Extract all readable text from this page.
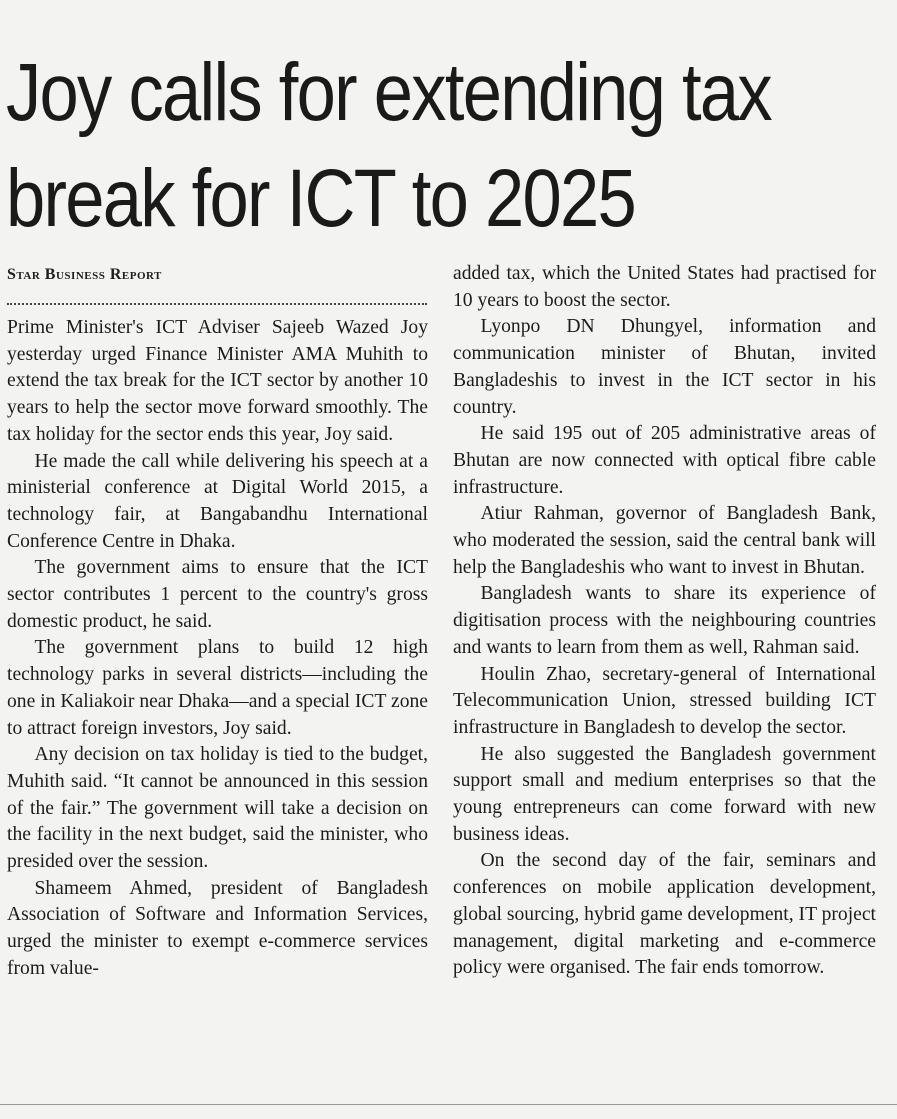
Joy calls for extending tax
break for ICT to 2025
Star Business Report

Prime Minister's ICT Adviser Sajeeb Wazed Joy yesterday urged Finance Minister AMA Muhith to extend the tax break for the ICT sector by another 10 years to help the sector move forward smoothly. The tax holiday for the sector ends this year, Joy said.

He made the call while delivering his speech at a ministerial conference at Digital World 2015, a technology fair, at Bangabandhu International Conference Centre in Dhaka.

The government aims to ensure that the ICT sector contributes 1 percent to the country's gross domestic product, he said.

The government plans to build 12 high technology parks in several districts—including the one in Kaliakoir near Dhaka—and a special ICT zone to attract foreign investors, Joy said.

Any decision on tax holiday is tied to the budget, Muhith said. “It cannot be announced in this session of the fair.” The government will take a decision on the facility in the next budget, said the minister, who presided over the session.

Shameem Ahmed, president of Bangladesh Association of Software and Information Services, urged the minister to exempt e-commerce services from value-

added tax, which the United States had practised for 10 years to boost the sector.

Lyonpo DN Dhungyel, information and communication minister of Bhutan, invited Bangladeshis to invest in the ICT sector in his country.

He said 195 out of 205 administrative areas of Bhutan are now connected with optical fibre cable infrastructure.

Atiur Rahman, governor of Bangladesh Bank, who moderated the session, said the central bank will help the Bangladeshis who want to invest in Bhutan.

Bangladesh wants to share its experience of digitisation process with the neighbouring countries and wants to learn from them as well, Rahman said.

Houlin Zhao, secretary-general of International Telecommunication Union, stressed building ICT infrastructure in Bangladesh to develop the sector.

He also suggested the Bangladesh government support small and medium enterprises so that the young entrepreneurs can come forward with new business ideas.

On the second day of the fair, seminars and conferences on mobile application development, global sourcing, hybrid game development, IT project management, digital marketing and e-commerce policy were organised. The fair ends tomorrow.
